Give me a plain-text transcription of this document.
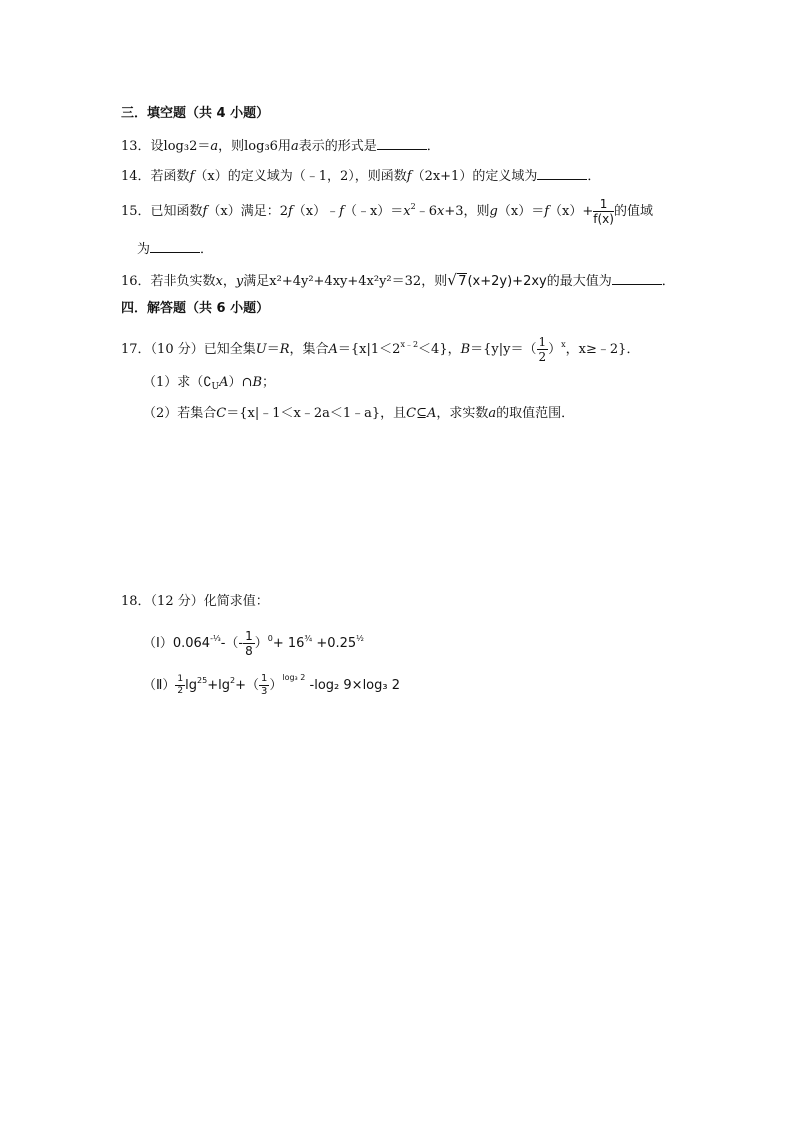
三．填空题（共 4 小题）
13．设log₃2＝a，则log₃6用a表示的形式是	．
14．若函数f（x）的定义域为（﹣1，2），则函数f（2x+1）的定义域为	．
15．已知函数f（x）满足：$2f(x)﹣f(﹣x)=x^2﹣6x+3$，则$g(x)=f(x)+ \frac{1}{f(x)}$ 的值域
为	．
16．若非负实数x，y满足x²+4y²+4xy+4x²y²＝32，则√ 7(x+2y)+2xy的最大值为	．
四．解答题（共 6 小题）
17．（10 分）已知全集U＝R，集合$A=\{x|1<2^{x﹣2}<4\}$，$B=\{y|y=( \frac{1}{2} )^x$，x≥﹣2}．
（1）求$(∁_UA)\cap B$；
（2）若集合C＝{x|﹣1＜x﹣2a＜1﹣a}，且C⊆A，求实数a的取值范围．
18．（12 分）化简求值：
$(Ⅰ)0.064^{-\frac{1}{3}}-(- \frac{1}{8} )^0+ 16^{\frac{3}{4}} +0.25^{\frac{1}{2}}$
（Ⅱ） $\frac{1}{2} \lg^{25}+\lg^2+( \frac{1}{3} )^{log_3 2}$ -log₂ 9×log₃ 2
